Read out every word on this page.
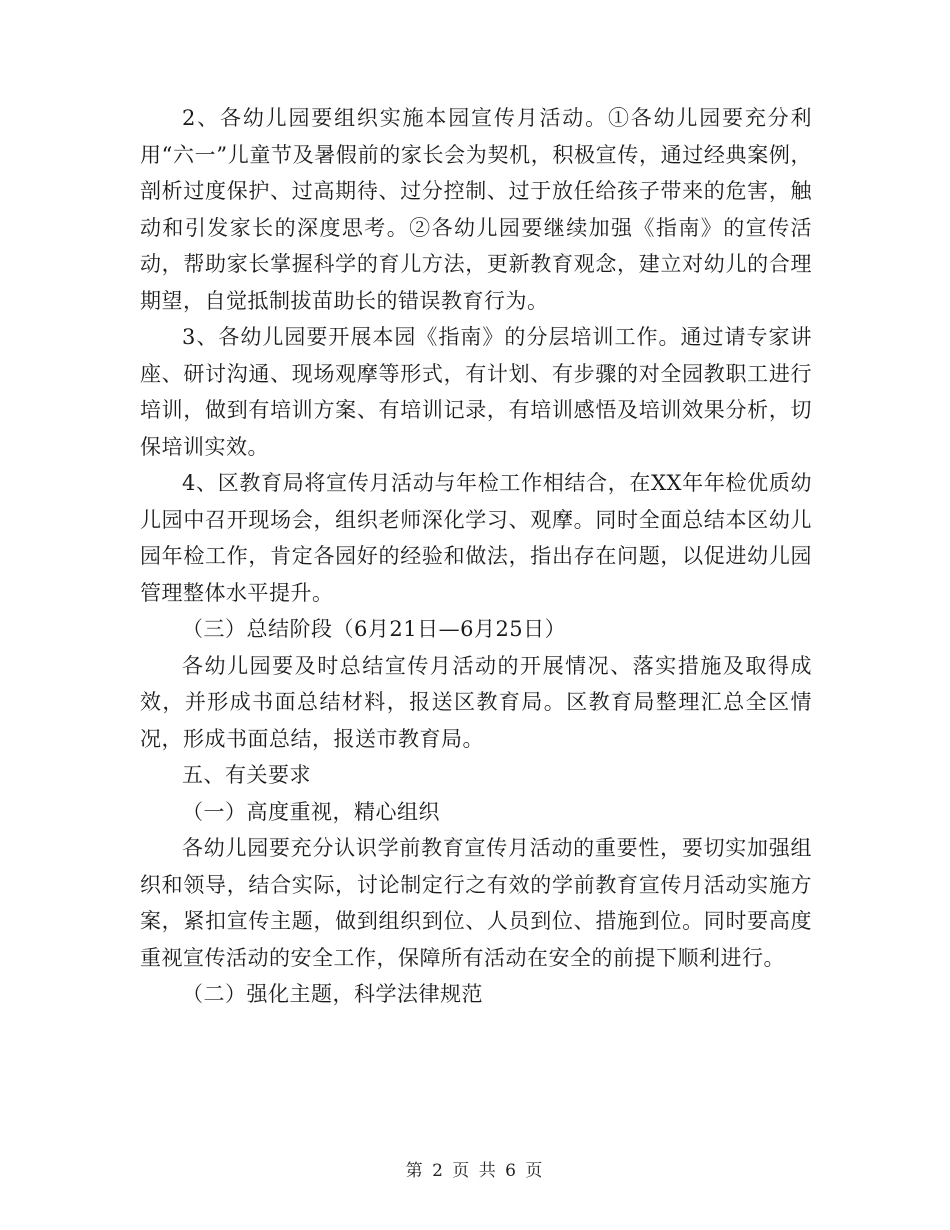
2、各幼儿园要组织实施本园宣传月活动。①各幼儿园要充分利用“六一”儿童节及暑假前的家长会为契机，积极宣传，通过经典案例，剖析过度保护、过高期待、过分控制、过于放任给孩子带来的危害，触动和引发家长的深度思考。②各幼儿园要继续加强《指南》的宣传活动，帮助家长掌握科学的育儿方法，更新教育观念，建立对幼儿的合理期望，自觉抵制拔苗助长的错误教育行为。

3、各幼儿园要开展本园《指南》的分层培训工作。通过请专家讲座、研讨沟通、现场观摩等形式，有计划、有步骤的对全园教职工进行培训，做到有培训方案、有培训记录，有培训感悟及培训效果分析，切保培训实效。

4、区教育局将宣传月活动与年检工作相结合，在XX年年检优质幼儿园中召开现场会，组织老师深化学习、观摩。同时全面总结本区幼儿园年检工作，肯定各园好的经验和做法，指出存在问题，以促进幼儿园管理整体水平提升。

（三）总结阶段（6月21日—6月25日）

各幼儿园要及时总结宣传月活动的开展情况、落实措施及取得成效，并形成书面总结材料，报送区教育局。区教育局整理汇总全区情况，形成书面总结，报送市教育局。

五、有关要求

（一）高度重视，精心组织

各幼儿园要充分认识学前教育宣传月活动的重要性，要切实加强组织和领导，结合实际，讨论制定行之有效的学前教育宣传月活动实施方案，紧扣宣传主题，做到组织到位、人员到位、措施到位。同时要高度重视宣传活动的安全工作，保障所有活动在安全的前提下顺利进行。

（二）强化主题，科学法律规范

第 2 页 共 6 页
